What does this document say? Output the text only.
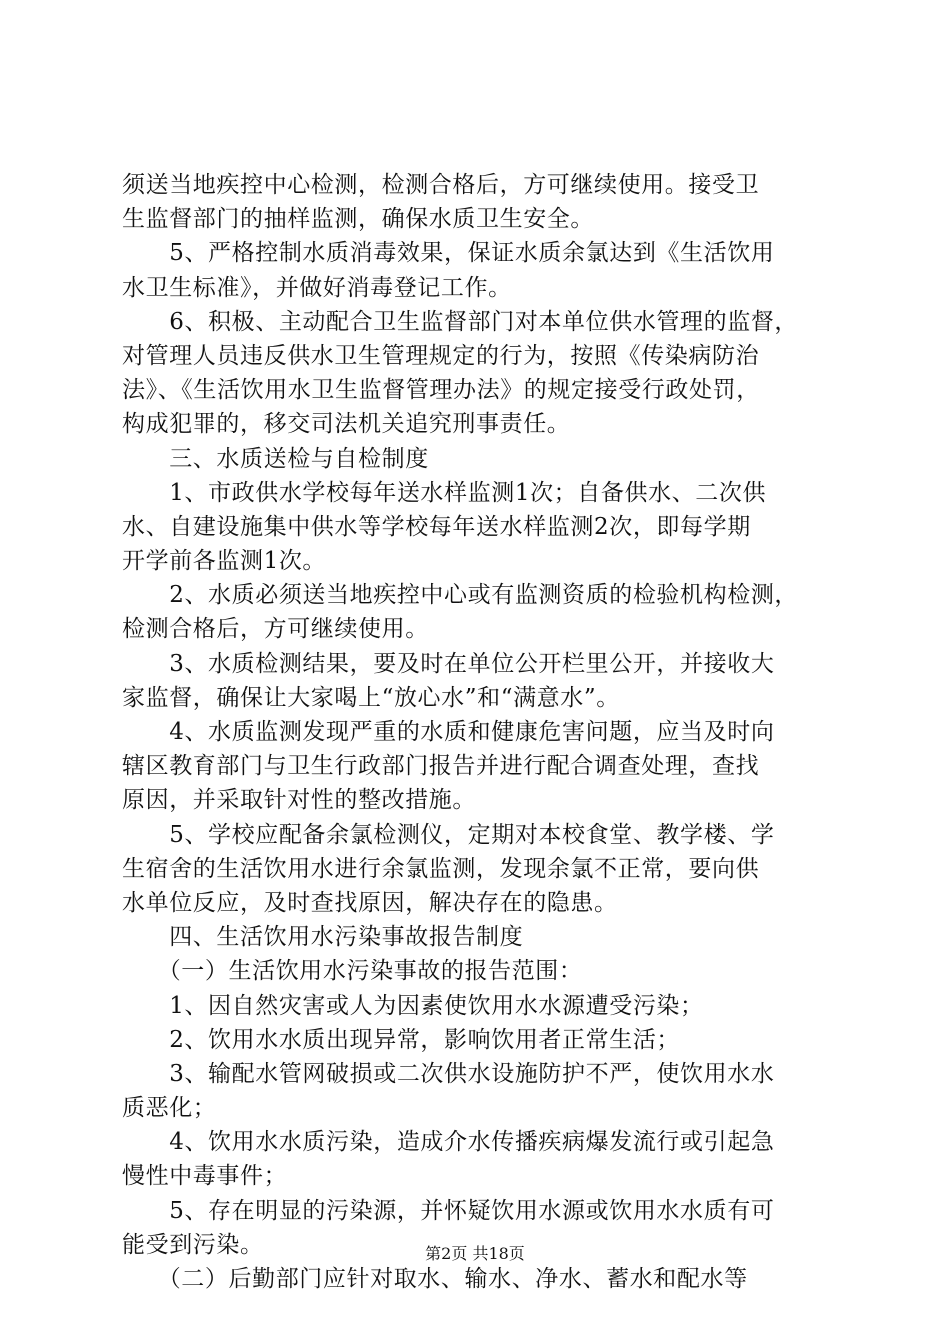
须送当地疾控中心检测，检测合格后，方可继续使用。接受卫
生监督部门的抽样监测，确保水质卫生安全。
　　5、严格控制水质消毒效果，保证水质余氯达到《生活饮用
水卫生标准》，并做好消毒登记工作。
　　6、积极、主动配合卫生监督部门对本单位供水管理的监督，
对管理人员违反供水卫生管理规定的行为，按照《传染病防治
法》、《生活饮用水卫生监督管理办法》的规定接受行政处罚，
构成犯罪的，移交司法机关追究刑事责任。
　　三、水质送检与自检制度
　　1、市政供水学校每年送水样监测1次；自备供水、二次供
水、自建设施集中供水等学校每年送水样监测2次，即每学期
开学前各监测1次。
　　2、水质必须送当地疾控中心或有监测资质的检验机构检测，
检测合格后，方可继续使用。
　　3、水质检测结果，要及时在单位公开栏里公开，并接收大
家监督，确保让大家喝上“放心水”和“满意水”。
　　4、水质监测发现严重的水质和健康危害问题，应当及时向
辖区教育部门与卫生行政部门报告并进行配合调查处理，查找
原因，并采取针对性的整改措施。
　　5、学校应配备余氯检测仪，定期对本校食堂、教学楼、学
生宿舍的生活饮用水进行余氯监测，发现余氯不正常，要向供
水单位反应，及时查找原因，解决存在的隐患。
　　四、生活饮用水污染事故报告制度
　　（一）生活饮用水污染事故的报告范围：
　　1、因自然灾害或人为因素使饮用水水源遭受污染；
　　2、饮用水水质出现异常，影响饮用者正常生活；
　　3、输配水管网破损或二次供水设施防护不严，使饮用水水
质恶化；
　　4、饮用水水质污染，造成介水传播疾病爆发流行或引起急
慢性中毒事件；
　　5、存在明显的污染源，并怀疑饮用水源或饮用水水质有可
能受到污染。
　　（二）后勤部门应针对取水、输水、净水、蓄水和配水等
第2页 共18页
